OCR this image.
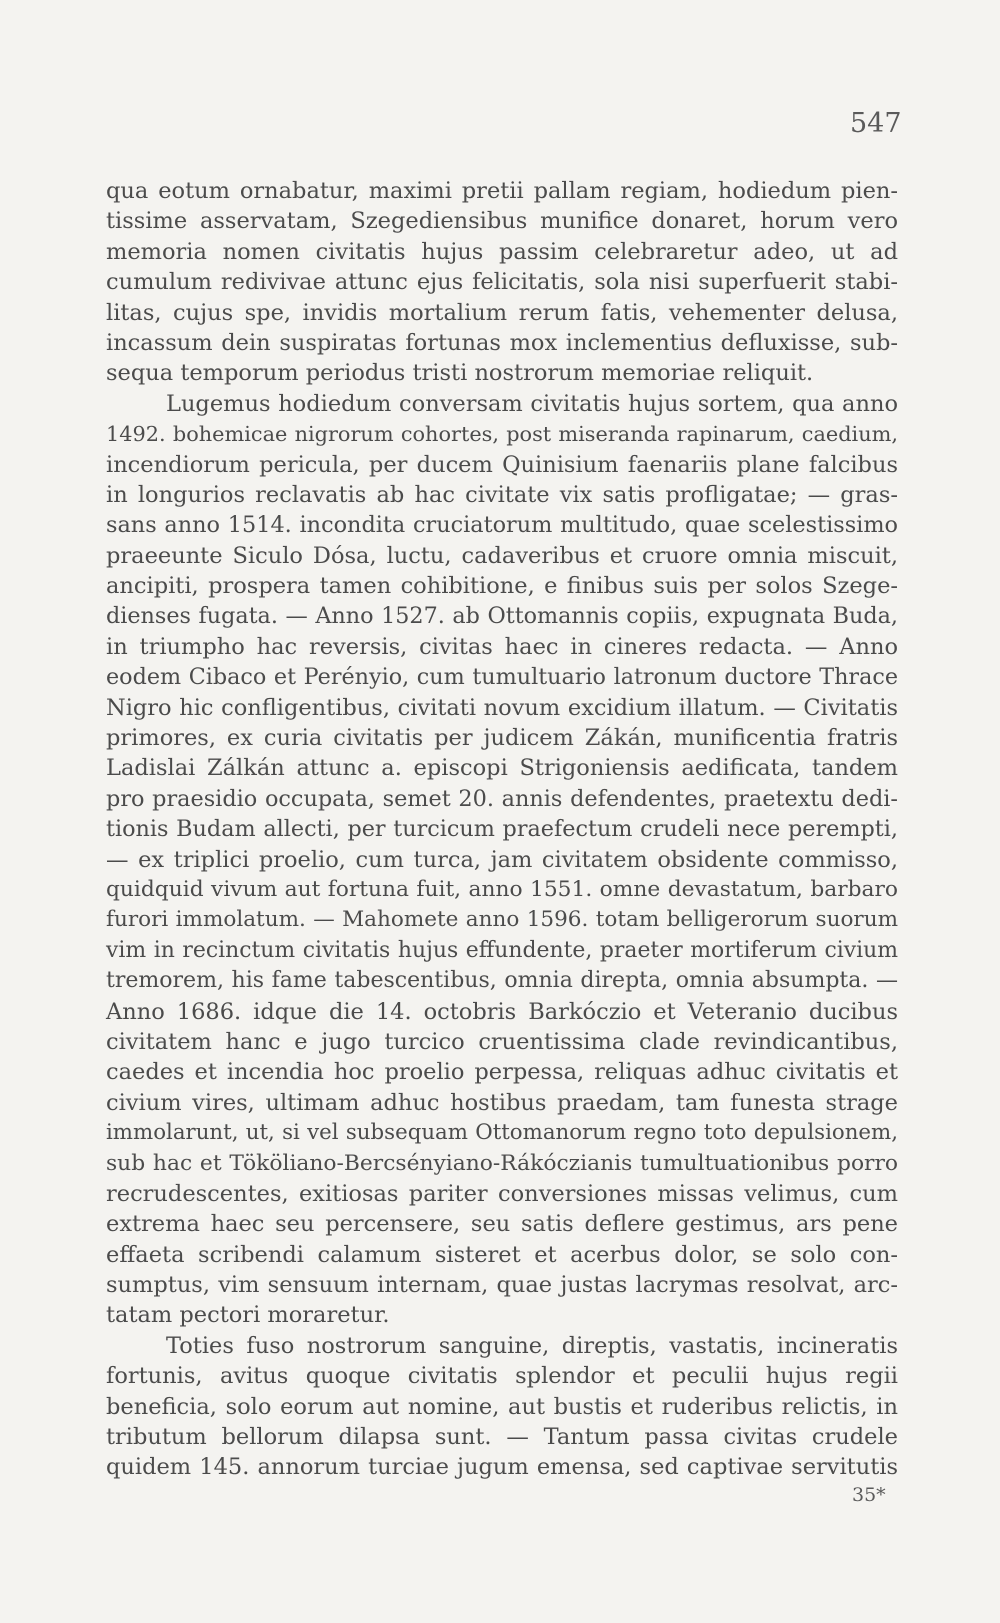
547
qua eotum ornabatur, maximi pretii pallam regiam, hodiedum pien-
tissime asservatam, Szegediensibus munifice donaret, horum vero
memoria nomen civitatis hujus passim celebraretur adeo, ut ad
cumulum redivivae attunc ejus felicitatis, sola nisi superfuerit stabi-
litas, cujus spe, invidis mortalium rerum fatis, vehementer delusa,
incassum dein suspiratas fortunas mox inclementius defluxisse, sub-
sequa temporum periodus tristi nostrorum memoriae reliquit.
Lugemus hodiedum conversam civitatis hujus sortem, qua anno
1492. bohemicae nigrorum cohortes, post miseranda rapinarum, caedium,
incendiorum pericula, per ducem Quinisium faenariis plane falcibus
in longurios reclavatis ab hac civitate vix satis profligatae; — gras-
sans anno 1514. incondita cruciatorum multitudo, quae scelestissimo
praeeunte Siculo Dósa, luctu, cadaveribus et cruore omnia miscuit,
ancipiti, prospera tamen cohibitione, e finibus suis per solos Szege-
dienses fugata. — Anno 1527. ab Ottomannis copiis, expugnata Buda,
in triumpho hac reversis, civitas haec in cineres redacta. — Anno
eodem Cibaco et Perényio, cum tumultuario latronum ductore Thrace
Nigro hic confligentibus, civitati novum excidium illatum. — Civitatis
primores, ex curia civitatis per judicem Zákán, munificentia fratris
Ladislai Zálkán attunc a. episcopi Strigoniensis aedificata, tandem
pro praesidio occupata, semet 20. annis defendentes, praetextu dedi-
tionis Budam allecti, per turcicum praefectum crudeli nece perempti,
— ex triplici proelio, cum turca, jam civitatem obsidente commisso,
quidquid vivum aut fortuna fuit, anno 1551. omne devastatum, barbaro
furori immolatum. — Mahomete anno 1596. totam belligerorum suorum
vim in recinctum civitatis hujus effundente, praeter mortiferum civium
tremorem, his fame tabescentibus, omnia direpta, omnia absumpta. —
Anno 1686. idque die 14. octobris Barkóczio et Veteranio ducibus
civitatem hanc e jugo turcico cruentissima clade revindicantibus,
caedes et incendia hoc proelio perpessa, reliquas adhuc civitatis et
civium vires, ultimam adhuc hostibus praedam, tam funesta strage
immolarunt, ut, si vel subsequam Ottomanorum regno toto depulsionem,
sub hac et Tököliano-Bercsényiano-Rákóczianis tumultuationibus porro
recrudescentes, exitiosas pariter conversiones missas velimus, cum
extrema haec seu percensere, seu satis deflere gestimus, ars pene
effaeta scribendi calamum sisteret et acerbus dolor, se solo con-
sumptus, vim sensuum internam, quae justas lacrymas resolvat, arc-
tatam pectori moraretur.
Toties fuso nostrorum sanguine, direptis, vastatis, incineratis
fortunis, avitus quoque civitatis splendor et peculii hujus regii
beneficia, solo eorum aut nomine, aut bustis et ruderibus relictis, in
tributum bellorum dilapsa sunt. — Tantum passa civitas crudele
quidem 145. annorum turciae jugum emensa, sed captivae servitutis
35*
